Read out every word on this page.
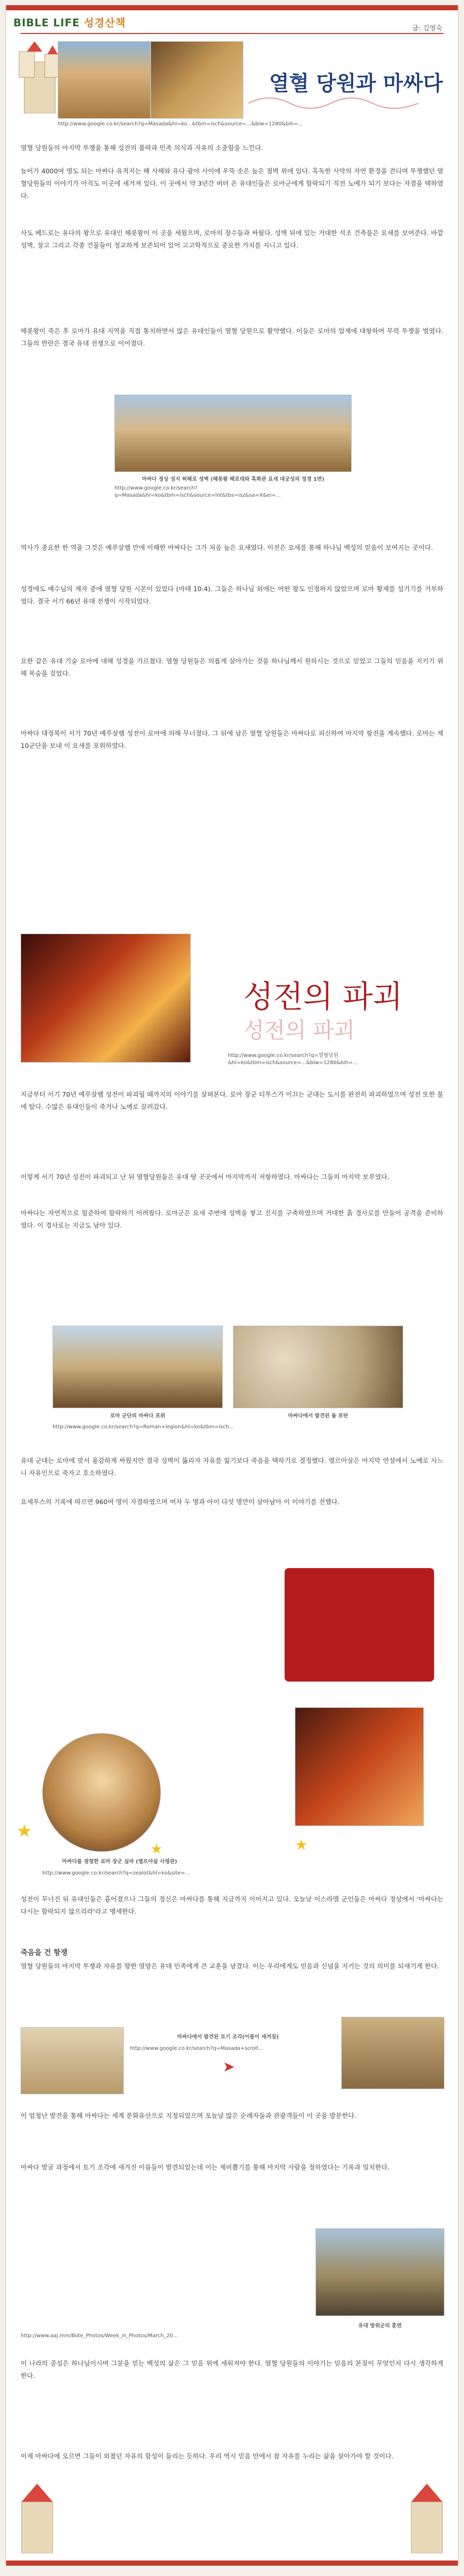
BIBLE LIFE 성경산책	글: 김영숙
열혈 당원과 마싸다
http://www.google.co.kr/search?q=Masada&hl=ko...&tbm=isch&source=...&biw=1280&bih=...
열혈 당원들의 마지막 투쟁을 통해 성전의 몰락과 민족 의식과 자유의 소중함을 느낀다.
늘어가 4000여 명도 되는 마싸다 유적지는 해 사해와 유다 광야 사이에 우뚝 솟은 높은 절벽 위에 있다. 혹독한 사막의 자연 환경을 견디며 투쟁했던 열혈당원들의 이야기가 아직도 이곳에 새겨져 있다. 이 곳에서 약 3년간 버텨 온 유대인들은 로마군에게 함락되기 직전 노예가 되기 보다는 자결을 택하였다.
사도 베드로는 유다의 왕으로 유대인 헤롯왕이 이 곳을 세웠으며, 로마의 장수들과 싸웠다. 성벽 뒤에 있는 거대한 석조 건축물은 요새를 보여준다. 바깥 성벽, 창고 그리고 각종 건물들이 정교하게 보존되어 있어 고고학적으로 중요한 가치를 지니고 있다.
헤롯왕이 죽은 후 로마가 유대 지역을 직접 통치하면서 많은 유대인들이 열혈 당원으로 활약했다. 이들은 로마의 압제에 대항하여 무력 투쟁을 벌였다. 그들의 반란은 결국 유대 전쟁으로 이어졌다.
마싸다 정상 성지 허헤로 성벽 (헤롯왕 헤로데와 흑화관 요새 대궁성의 정경 1면)
http://www.google.co.kr/search?q=Masada&hl=ko&tbm=isch&source=lnt&tbs=isz&sa=X&ei=...
역사가 중요한 한 역을 그것은 예루살렘 만에 이해한 마싸다는 그가 처음 높은 요새였다. 이전은 요새를 통해 하나님 백성의 믿음이 보여지는 곳이다.
성경에도 예수님의 제자 중에 열혈 당원 시몬이 있었다 (마태 10:4). 그들은 하나님 외에는 어떤 왕도 인정하지 않았으며 로마 황제를 섬기기를 거부하였다. 결국 서기 66년 유대 전쟁이 시작되었다.
요한 같은 유대 기술 로마에 대해 성경을 가르쳤다. 열혈 당원들은 의롭게 살아가는 것을 하나님께서 원하시는 것으로 믿었고 그들의 믿음을 지키기 위해 목숨을 걸었다.
마싸다 대정복이 서기 70년 예루살렘 성전이 로마에 의해 무너졌다. 그 뒤에 남은 열혈 당원들은 마싸다로 피신하여 마지막 항전을 계속했다. 로마는 제10군단을 보내 이 요새를 포위하였다.
성전의 파괴
성전의 파괴
http://www.google.co.kr/search?q=열혈당원&hl=ko&tbm=isch&source=...&biw=1280&bih=...
지금부터 서기 70년 예루살렘 성전이 파괴될 때까지의 이야기를 살펴본다. 로마 장군 티투스가 이끄는 군대는 도시를 완전히 파괴하였으며 성전 또한 불에 탔다. 수많은 유대인들이 죽거나 노예로 끌려갔다.
이렇게 서기 70년 성전이 파괴되고 난 뒤 열혈당원들은 유대 땅 곳곳에서 마지막까지 저항하였다. 마싸다는 그들의 마지막 보루였다.
마싸다는 자연적으로 험준하여 함락하기 어려웠다. 로마군은 요새 주변에 성벽을 쌓고 진지를 구축하였으며 거대한 흙 경사로를 만들어 공격을 준비하였다. 이 경사로는 지금도 남아 있다.
로마 군단의 마싸다 포위	마싸다에서 발견된 돌 포탄
http://www.google.co.kr/search?q=Roman+legion&hl=ko&tbm=isch...
유대 군대는 로마에 맞서 용감하게 싸웠지만 결국 성벽이 뚫리자 자유를 잃기보다 죽음을 택하기로 결정했다. 엘르아살은 마지막 연설에서 노예로 사느니 자유인으로 죽자고 호소하였다.
요세푸스의 기록에 따르면 960여 명이 자결하였으며 여자 두 명과 아이 다섯 명만이 살아남아 이 이야기를 전했다.
마싸다를 점령한 로마 장군 실바 (엘르아살 사령관)
http://www.google.co.kr/search?q=zealot&hl=ko&site=...
성전이 무너진 뒤 유대인들은 흩어졌으나 그들의 정신은 마싸다를 통해 지금까지 이어지고 있다. 오늘날 이스라엘 군인들은 마싸다 정상에서 '마싸다는 다시는 함락되지 않으리라'라고 맹세한다.
죽음을 건 항쟁
열혈 당원들의 마지막 투쟁과 자유를 향한 열망은 유대 민족에게 큰 교훈을 남겼다. 이는 우리에게도 믿음과 신념을 지키는 것의 의미를 되새기게 한다.
마싸다에서 발견된 토기 조각(이름이 새겨짐)
http://www.google.co.kr/search?q=Masada+scroll...
이 엄청난 발견을 통해 마싸다는 세계 문화유산으로 지정되었으며 오늘날 많은 순례자들과 관광객들이 이 곳을 방문한다.
마싸다 발굴 과정에서 토기 조각에 새겨진 이름들이 발견되었는데 이는 제비뽑기를 통해 마지막 사람을 정하였다는 기록과 일치한다.
유대 방위군의 훈련
http://www.aaj.mm/Bote_Photos/Week_in_Photos/March_20...
이 나라의 중심은 하나님이시며 그분을 믿는 백성의 삶은 그 믿음 위에 세워져야 한다. 열혈 당원들의 이야기는 믿음의 본질이 무엇인지 다시 생각하게 한다.
이제 마싸다에 오르면 그들이 외쳤던 자유의 함성이 들리는 듯하다. 우리 역시 믿음 안에서 참 자유를 누리는 삶을 살아가야 할 것이다.
★
★	★
➤
